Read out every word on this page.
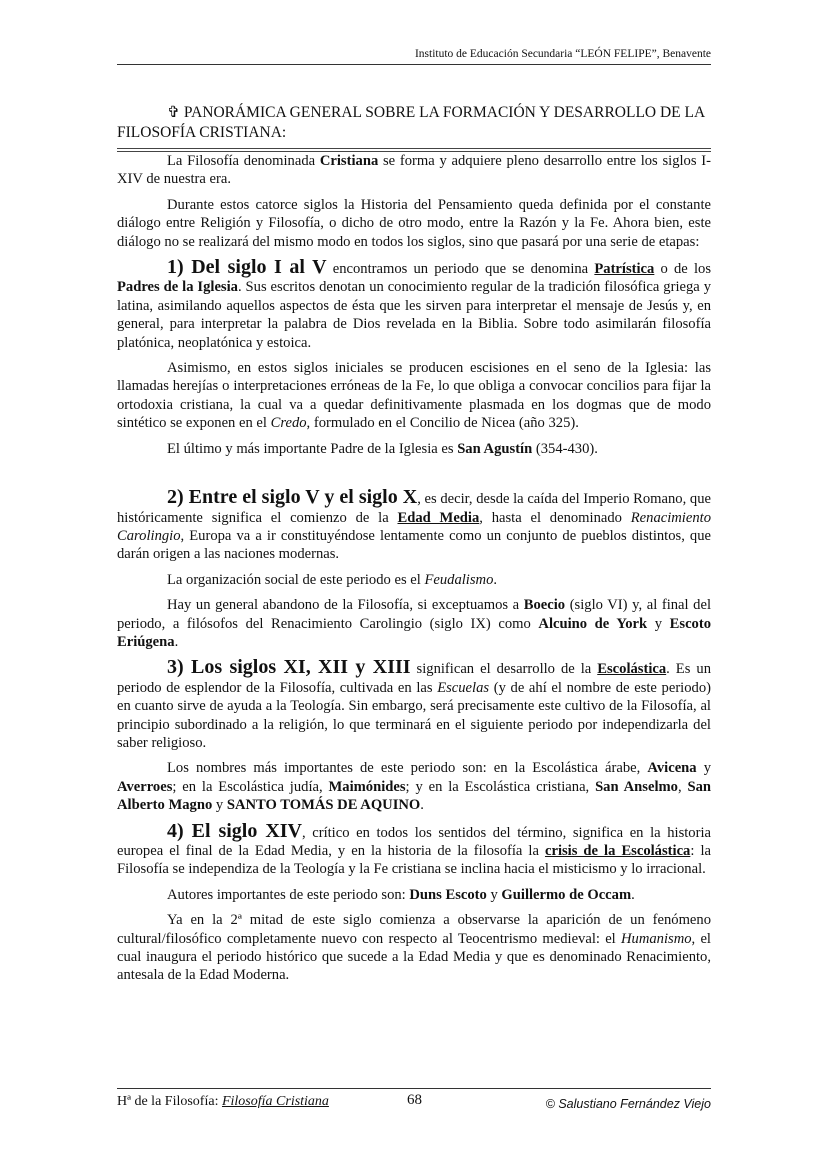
Instituto de Educación Secundaria “LEÓN FELIPE”, Benavente
✞ PANORÁMICA GENERAL SOBRE LA FORMACIÓN Y DESARROLLO DE LA FILOSOFÍA CRISTIANA:

La Filosofía denominada Cristiana se forma y adquiere pleno desarrollo entre los siglos I-XIV de nuestra era.

Durante estos catorce siglos la Historia del Pensamiento queda definida por el constante diálogo entre Religión y Filosofía, o dicho de otro modo, entre la Razón y la Fe. Ahora bien, este diálogo no se realizará del mismo modo en todos los siglos, sino que pasará por una serie de etapas:

1) Del siglo I al V encontramos un periodo que se denomina Patrística o de los Padres de la Iglesia. Sus escritos denotan un conocimiento regular de la tradición filosófica griega y latina, asimilando aquellos aspectos de ésta que les sirven para interpretar el mensaje de Jesús y, en general, para interpretar la palabra de Dios revelada en la Biblia. Sobre todo asimilarán filosofía platónica, neoplatónica y estoica.

Asimismo, en estos siglos iniciales se producen escisiones en el seno de la Iglesia: las llamadas herejías o interpretaciones erróneas de la Fe, lo que obliga a convocar concilios para fijar la ortodoxia cristiana, la cual va a quedar definitivamente plasmada en los dogmas que de modo sintético se exponen en el Credo, formulado en el Concilio de Nicea (año 325).

El último y más importante Padre de la Iglesia es San Agustín (354-430).

2) Entre el siglo V y el siglo X, es decir, desde la caída del Imperio Romano, que históricamente significa el comienzo de la Edad Media, hasta el denominado Renacimiento Carolingio, Europa va a ir constituyéndose lentamente como un conjunto de pueblos distintos, que darán origen a las naciones modernas.

La organización social de este periodo es el Feudalismo.

Hay un general abandono de la Filosofía, si exceptuamos a Boecio (siglo VI) y, al final del periodo, a filósofos del Renacimiento Carolingio (siglo IX) como Alcuino de York y Escoto Eriúgena.

3) Los siglos XI, XII y XIII significan el desarrollo de la Escolástica. Es un periodo de esplendor de la Filosofía, cultivada en las Escuelas (y de ahí el nombre de este periodo) en cuanto sirve de ayuda a la Teología. Sin embargo, será precisamente este cultivo de la Filosofía, al principio subordinado a la religión, lo que terminará en el siguiente periodo por independizarla del saber religioso.

Los nombres más importantes de este periodo son: en la Escolástica árabe, Avicena y Averroes; en la Escolástica judía, Maimónides; y en la Escolástica cristiana, San Anselmo, San Alberto Magno y SANTO TOMÁS DE AQUINO.

4) El siglo XIV, crítico en todos los sentidos del término, significa en la historia europea el final de la Edad Media, y en la historia de la filosofía la crisis de la Escolástica: la Filosofía se independiza de la Teología y la Fe cristiana se inclina hacia el misticismo y lo irracional.

Autores importantes de este periodo son: Duns Escoto y Guillermo de Occam.

Ya en la 2ª mitad de este siglo comienza a observarse la aparición de un fenómeno cultural/filosófico completamente nuevo con respecto al Teocentrismo medieval: el Humanismo, el cual inaugura el periodo histórico que sucede a la Edad Media y que es denominado Renacimiento, antesala de la Edad Moderna.

Hª de la Filosofía: Filosofía Cristiana	68	© Salustiano Fernández Viejo
